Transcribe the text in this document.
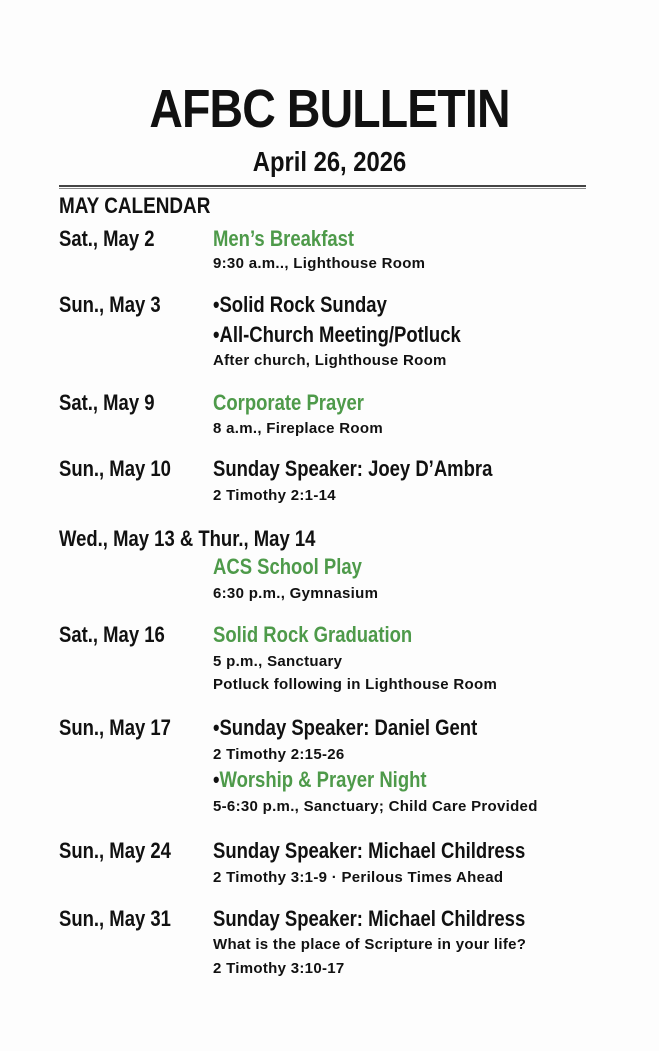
AFBC BULLETIN
April 26, 2026
MAY CALENDAR
Sat., May 2	Men’s Breakfast
9:30 a.m.., Lighthouse Room
Sun., May 3 •Solid Rock Sunday
•All-Church Meeting/Potluck
After church, Lighthouse Room
Sat., May 9	Corporate Prayer
8 a.m., Fireplace Room
Sun., May 10 Sunday Speaker: Joey D’Ambra
2 Timothy 2:1-14
Wed., May 13 & Thur., May 14
ACS School Play
6:30 p.m., Gymnasium
Sat., May 16 Solid Rock Graduation
5 p.m., Sanctuary
Potluck following in Lighthouse Room
Sun., May 17 •Sunday Speaker: Daniel Gent
2 Timothy 2:15-26
•Worship & Prayer Night
5-6:30 p.m., Sanctuary; Child Care Provided
Sun., May 24 Sunday Speaker: Michael Childress
2 Timothy 3:1-9 · Perilous Times Ahead
Sun., May 31 Sunday Speaker: Michael Childress
What is the place of Scripture in your life?
2 Timothy 3:10-17
